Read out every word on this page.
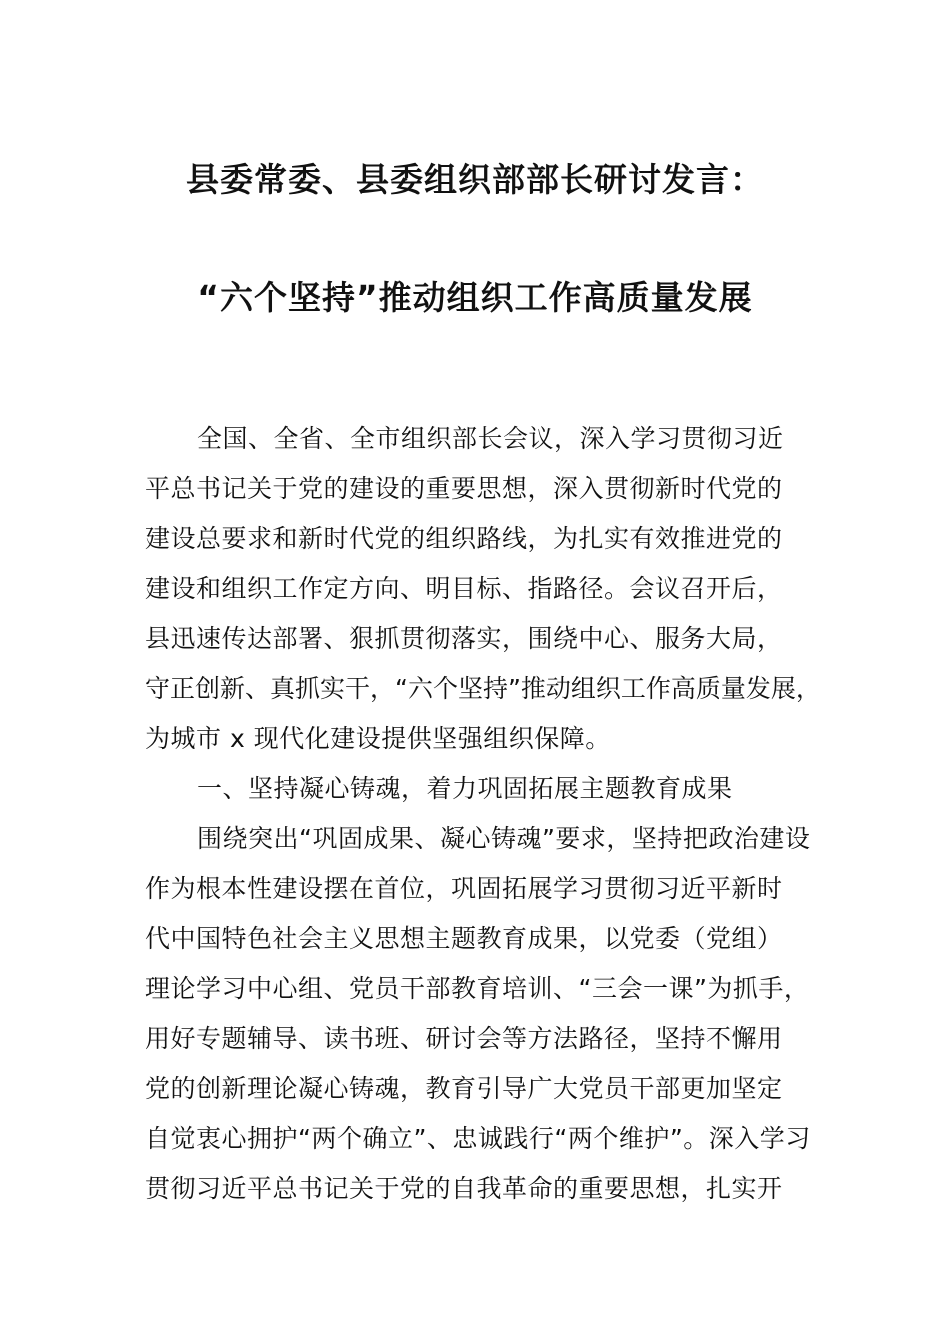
县委常委、县委组织部部长研讨发言：
“六个坚持”推动组织工作高质量发展
全国、全省、全市组织部长会议，深入学习贯彻习近
平总书记关于党的建设的重要思想，深入贯彻新时代党的
建设总要求和新时代党的组织路线，为扎实有效推进党的
建设和组织工作定方向、明目标、指路径。会议召开后，
县迅速传达部署、狠抓贯彻落实，围绕中心、服务大局，
守正创新、真抓实干，“六个坚持”推动组织工作高质量发展，
为城市 x 现代化建设提供坚强组织保障。
一、坚持凝心铸魂，着力巩固拓展主题教育成果
围绕突出“巩固成果、凝心铸魂”要求，坚持把政治建设
作为根本性建设摆在首位，巩固拓展学习贯彻习近平新时
代中国特色社会主义思想主题教育成果，以党委（党组）
理论学习中心组、党员干部教育培训、“三会一课”为抓手，
用好专题辅导、读书班、研讨会等方法路径，坚持不懈用
党的创新理论凝心铸魂，教育引导广大党员干部更加坚定
自觉衷心拥护“两个确立”、忠诚践行“两个维护”。深入学习
贯彻习近平总书记关于党的自我革命的重要思想，扎实开
